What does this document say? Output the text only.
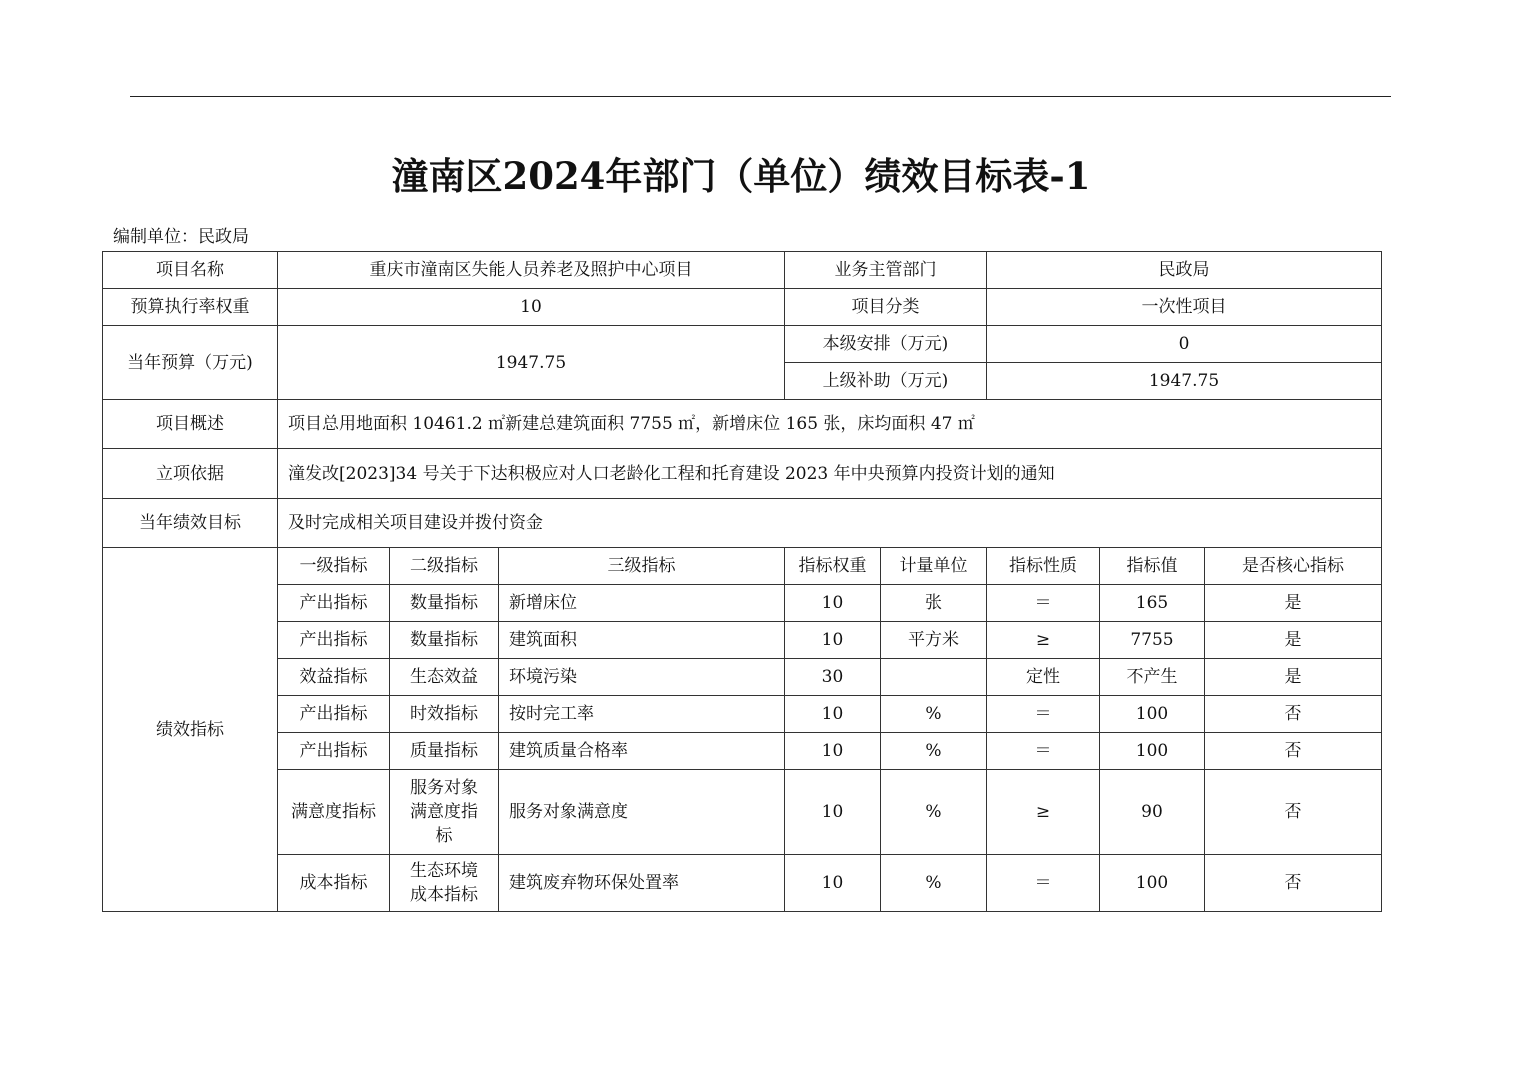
潼南区2024年部门（单位）绩效目标表-1
编制单位：民政局
项目名称	重庆市潼南区失能人员养老及照护中心项目			业务主管部门		民政局		
预算执行率权重	10			项目分类		一次性项目		
当年预算（万元)	1947.75			本级安排（万元)		0		
				上级补助（万元)		1947.75		
项目概述	项目总用地面积 10461.2 ㎡新建总建筑面积 7755 ㎡，新增床位 165 张，床均面积 47 ㎡							
立项依据	潼发改[2023]34 号关于下达积极应对人口老龄化工程和托育建设 2023 年中央预算内投资计划的通知							
当年绩效目标	及时完成相关项目建设并拨付资金							
绩效指标	一级指标	二级指标	三级指标	指标权重	计量单位	指标性质	指标值	是否核心指标
	产出指标	数量指标	新增床位	10	张	＝	165	是
	产出指标	数量指标	建筑面积	10	平方米	≥	7755	是
	效益指标	生态效益	环境污染	30		定性	不产生	是
	产出指标	时效指标	按时完工率	10	%	＝	100	否
	产出指标	质量指标	建筑质量合格率	10	%	＝	100	否
	满意度指标	服务对象满意度指标	服务对象满意度	10	%	≥	90	否
	成本指标	生态环境成本指标	建筑废弃物环保处置率	10	%	＝	100	否
